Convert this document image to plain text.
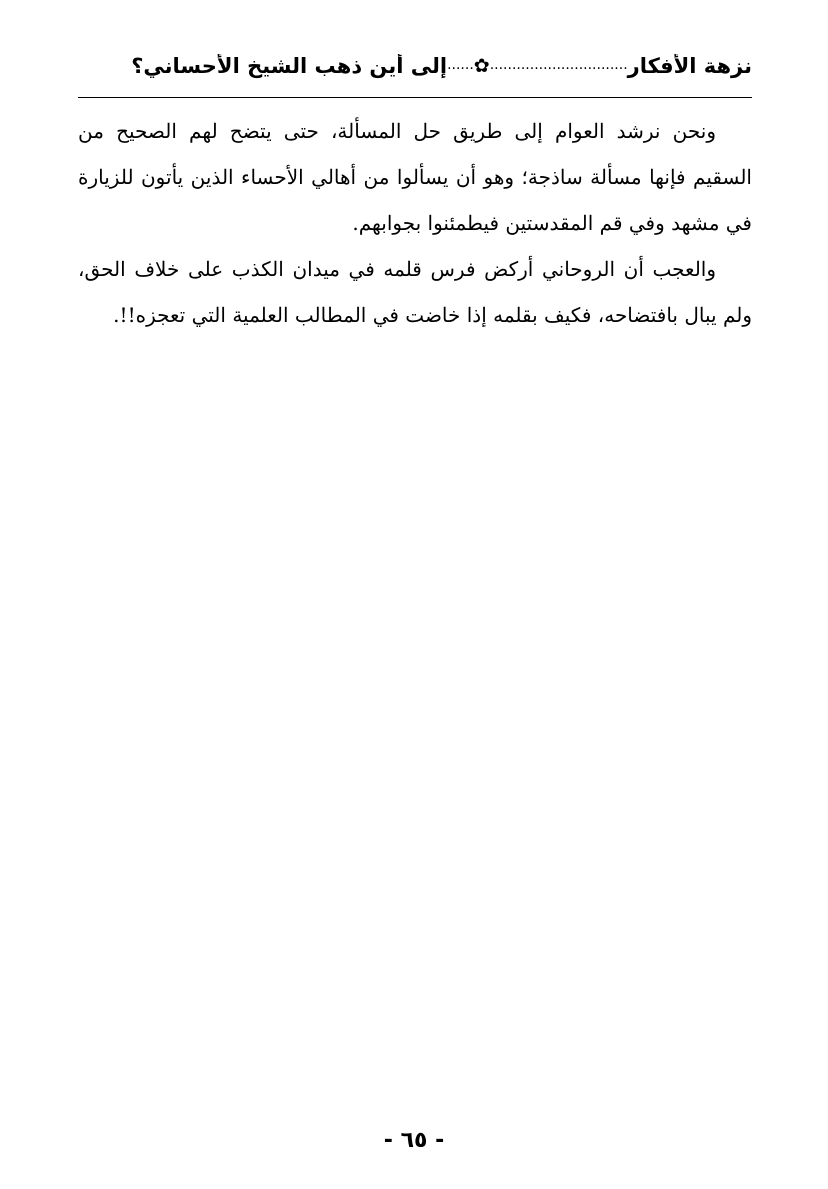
نزهة الأفكار...............................✿......إلى أين ذهب الشيخ الأحساني؟

ونحن نرشد العوام إلى طريق حل المسألة، حتى يتضح لهم الصحيح من السقيم فإنها مسألة ساذجة؛ وهو أن يسألوا من أهالي الأحساء الذين يأتون للزيارة في مشهد وفي قم المقدستين فيطمئنوا بجوابهم.

والعجب أن الروحاني أركض فرس قلمه في ميدان الكذب على خلاف الحق، ولم يبال بافتضاحه، فكيف بقلمه إذا خاضت في المطالب العلمية التي تعجزه!!.

- ٦٥ -
